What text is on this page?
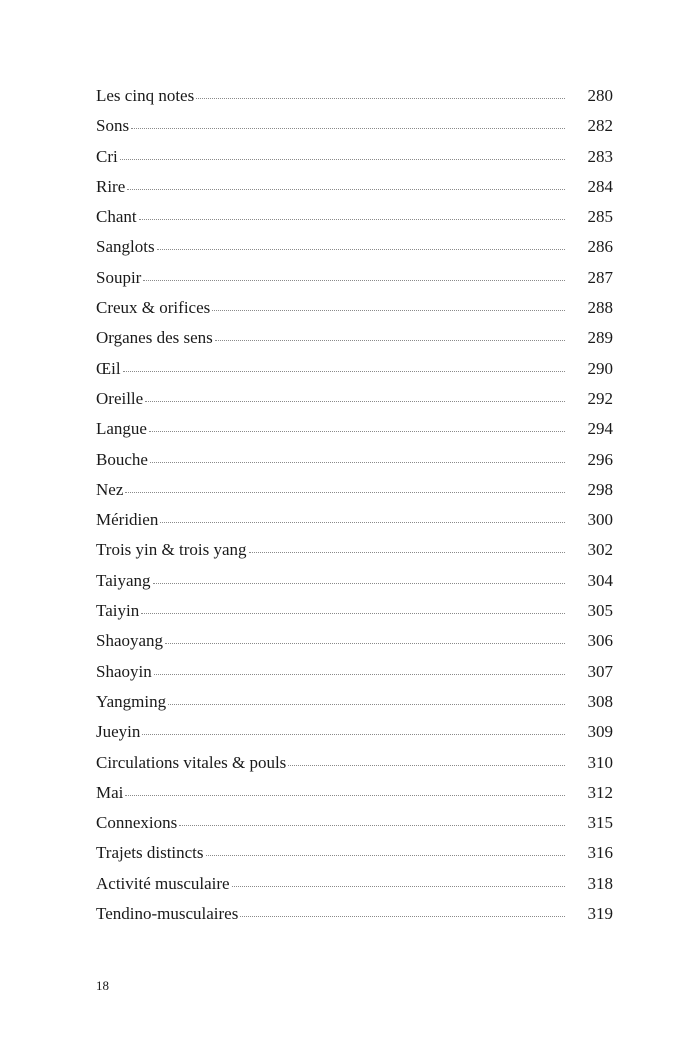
Les cinq notes	280
Sons	282
Cri	283
Rire	284
Chant	285
Sanglots	286
Soupir	287
Creux & orifices	288
Organes des sens	289
Œil	290
Oreille	292
Langue	294
Bouche	296
Nez	298
Méridien	300
Trois yin & trois yang	302
Taiyang	304
Taiyin	305
Shaoyang	306
Shaoyin	307
Yangming	308
Jueyin	309
Circulations vitales & pouls	310
Mai	312
Connexions	315
Trajets distincts	316
Activité musculaire	318
Tendino-musculaires	319
18
